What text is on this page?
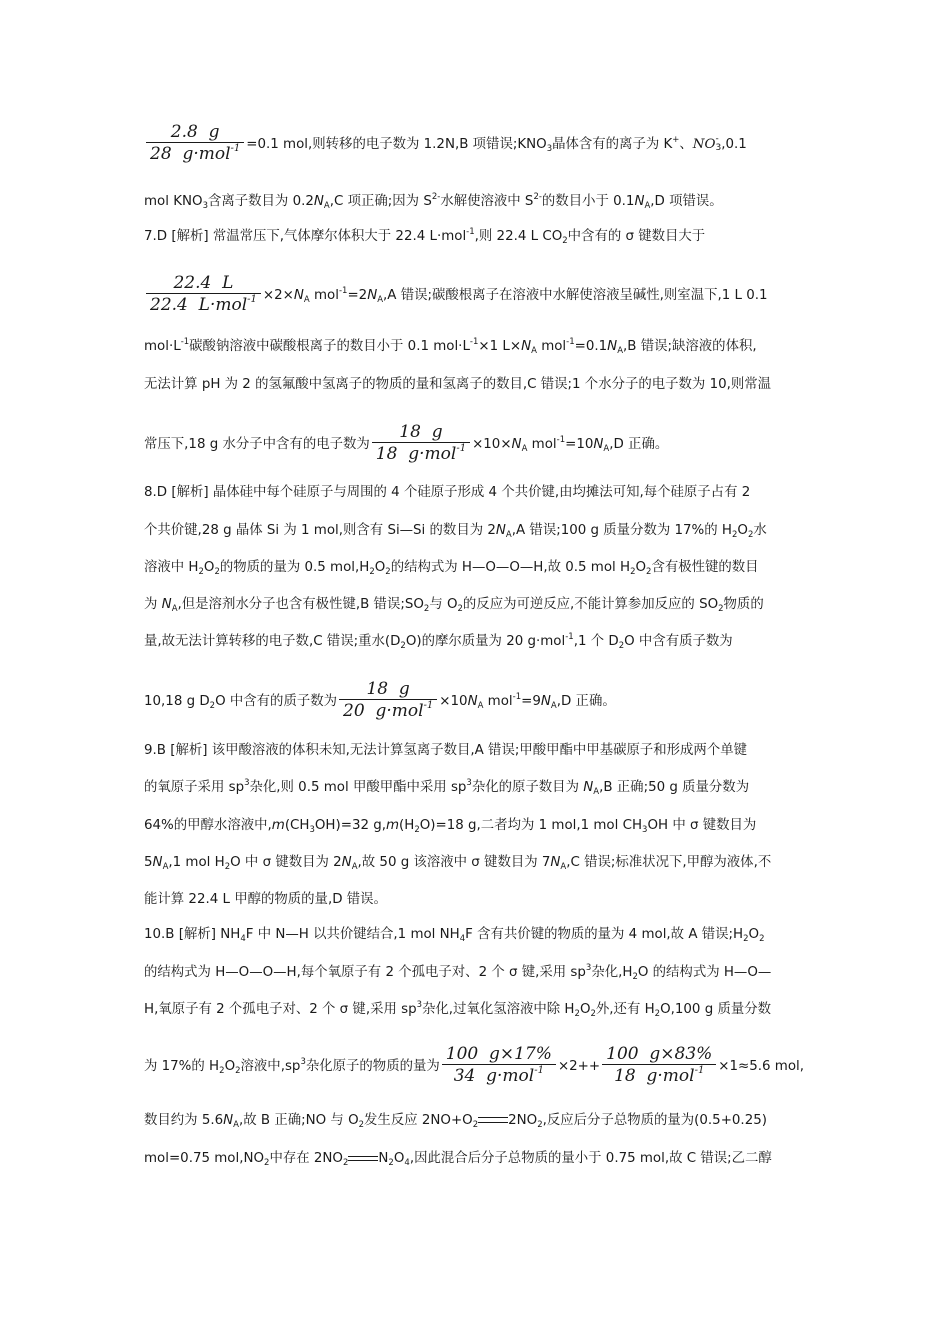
$\frac{2.8 g}{28 g\cdot mol^{-1}} =0.1$ mol,则转移的电子数为 1.2N,B 项错误$;KNO_3$晶体含有的离子为 K+、NO -
3 ,0.1
mol $KNO_3$含离子数目为 $0.2N_A,C$ 项正确;因为 $S^{2-}$水解使溶液中 $S^{2-}$的数目小于 $0.1N_A,D$ 项错误。
7.D [解析] 常温常压下,气体摩尔体积大于 22.4 L·mol$^{-1}$,则 22.4 L $CO_2$中含有的 σ 键数目大于
$\frac{22.4 L}{22.4 L\cdot mol^{-1}} \times 2\times N_A$ $mol^{-1}=2N_A,A$ 错误;碳酸根离子在溶液中水解使溶液呈碱性,则室温下,1 L 0.1
$mol\cdot L^{-1}$碳酸钠溶液中碳酸根离子的数目小于 0.1 $mol\cdot L^{-1}\times 1$ $L\times N_A$ $mol^{-1}=0.1N_A,B$ 错误;缺溶液的体积,
无法计算 pH 为 2 的氢氟酸中氢离子的物质的量和氢离子的数目,C 错误;1 个水分子的电子数为 10,则常温
常压下,18 g 水分子中含有的电子数为 $\frac{18 g}{18 g\cdot mol^{-1}} \times 10\times N_A$ $mol^{-1}=10N_A,D$ 正确。
8.D [解析] 晶体硅中每个硅原子与周围的 4 个硅原子形成 4 个共价键,由均摊法可知,每个硅原子占有 2
个共价键,28 g 晶体 Si 为 1 mol,则含有 Si—Si 的数目为 $2N_A,A$ 错误;100 g 质量分数为 17%的 $H_2O_2$水
溶液中 $H_2O_2$的物质的量为 0.5 $mol,H_2O_2$的结构式为 H—O—O—H,故 0.5 mol $H_2O_2$含有极性键的数目
为 $N_A$,但是溶剂水分子也含有极性键,B 错误$;SO_2$与 $O_2$的反应为可逆反应,不能计算参加反应的 $SO_2$物质的
量,故无法计算转移的电子数,C 错误;重水$(D_2O)$的摩尔质量为 20 g·mol$^{-1}$,1 个 $D_2O$ 中含有质子数为
10,18 g $D_2O$ 中含有的质子数为 $\frac{18 g}{20 g\cdot mol^{-1}} \times 10N_A$ $mol^{-1}=9N_A,D$ 正确。
9.B [解析] 该甲酸溶液的体积未知,无法计算氢离子数目,A 错误;甲酸甲酯中甲基碳原子和形成两个单键
的氧原子采用 $sp^3$杂化,则 0.5 mol 甲酸甲酯中采用 $sp^3$杂化的原子数目为 $N_A,B$ 正确;50 g 质量分数为
64%的甲醇水溶液中$,m(CH_3OH)=32$ $g,m(H_2O)=18$ g,二者均为 1 mol,1 mol $CH_3OH$ 中 σ 键数目为
$5N_A,1$ mol $H_2O$ 中 σ 键数目为 $2N_A$,故 50 g 该溶液中 σ 键数目为 $7N_A,C$ 错误;标准状况下,甲醇为液体,不
能计算 22.4 L 甲醇的物质的量,D 错误。
10.B [解析] $NH_4F$ 中 N—H 以共价键结合,1 mol $NH_4F$ 含有共价键的物质的量为 4 mol,故 A 错误$;H_2O_2$
的结构式为 H—O—O—H,每个氧原子有 2 个孤电子对、2 个 σ 键,采用 $sp^3$杂化$,H_2O$ 的结构式为 H—O—
H,氧原子有 2 个孤电子对、2 个 σ 键,采用 $sp^3$杂化,过氧化氢溶液中除 $H_2O_2$外,还有 $H_2O,100$ g 质量分数
为 17%的 $H_2O_2$溶液中$,sp^3$杂化原子的物质的量为 $\frac{100 g\times 17\%}{34 g\cdot mol^{-1}} \times 2++ \frac{100 g\times 83\%}{18 g\cdot mol^{-1}} \times 1\approx 5.6$ mol,
数目约为 $5.6N_A$,故 B 正确;NO 与 $O_2$发生反应 $2NO+O_2$ $2NO_2$,反应后分子总物质的量为(0.5+0.25)
mol=0.75 $mol,NO_2$中存在 $2NO_2$ $N_2O_4$,因此混合后分子总物质的量小于 0.75 mol,故 C 错误;乙二醇
